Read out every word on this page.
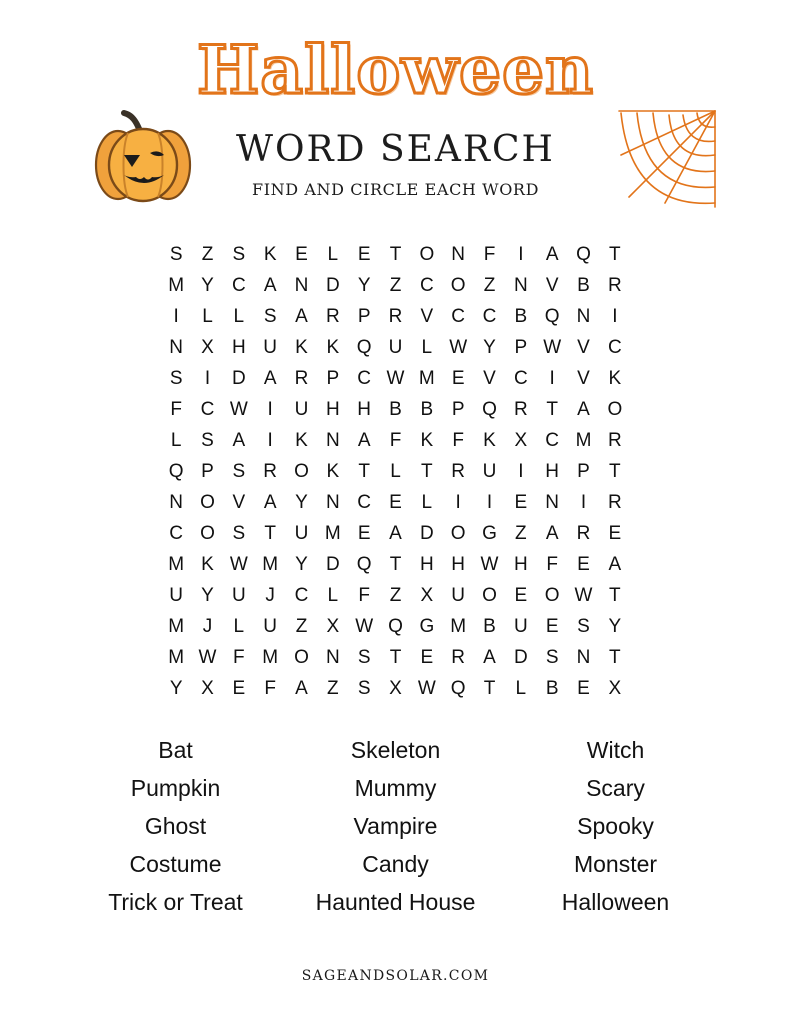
Halloween
WORD SEARCH

FIND AND CIRCLE EACH WORD

S	Z	S K E	L	E	T O N F	I	A Q T
M Y C A N D Y	Z C O Z N V B R
I	L	L	S A R P R V C C B Q N	I
N X H U K K Q U	L W Y P W V C
S	I	D A R P C W M E V C	I	V K
F C W	I	U H H B B P Q R T	A O
L	S A	I	K N A	F	K	F	K X C M R
Q P S R O K	T	L	T R U	I	H P	T
N O V A Y N C E	L	I	I	E N	I	R
C O S	T U M E A D O G Z	A R E
M K W M Y D Q T H H W H F	E A
U Y U	J	C	L	F	Z	X U O E O W T
M J	L	U Z	X W Q G M B U E S Y
M W F M O N S	T	E R A D S N T
Y X E	F	A	Z	S X W Q T	L	B E X
Bat	Skeleton	Witch
Pumpkin	Mummy	Scary
Ghost	Vampire	Spooky
Costume	Candy	Monster
Trick or Treat	Haunted House	Halloween
SAGEANDSOLAR.COM
